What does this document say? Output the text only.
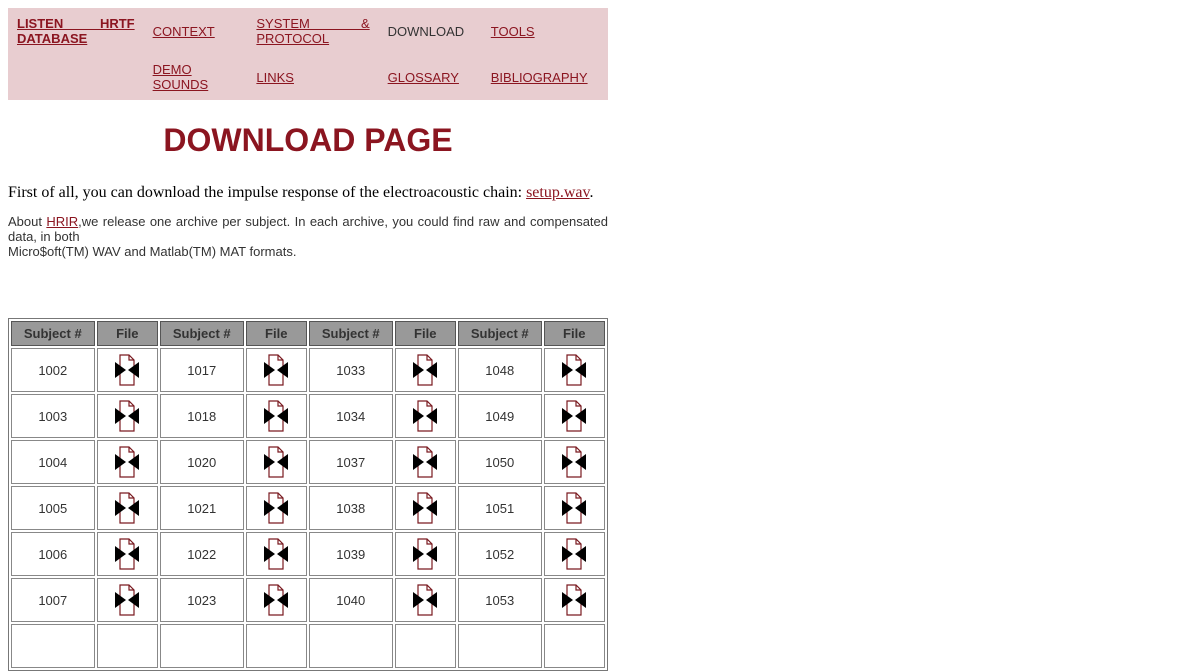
LISTEN HRTF DATABASE	CONTEXT	SYSTEM & PROTOCOL	DOWNLOAD	TOOLS
	DEMO SOUNDS	LINKS	GLOSSARY	BIBLIOGRAPHY
DOWNLOAD PAGE

First of all, you can download the impulse response of the electroacoustic chain: setup.wav.

About HRIR,we release one archive per subject. In each archive, you could find raw and compensated data, in both
Micro$oft(TM) WAV and Matlab(TM) MAT formats.

Subject #	File	Subject #	File	Subject #	File	Subject #	File
1002		1017		1033		1048	
1003		1018		1034		1049	
1004		1020		1037		1050	
1005		1021		1038		1051	
1006		1022		1039		1052	
1007		1023		1040		1053	
